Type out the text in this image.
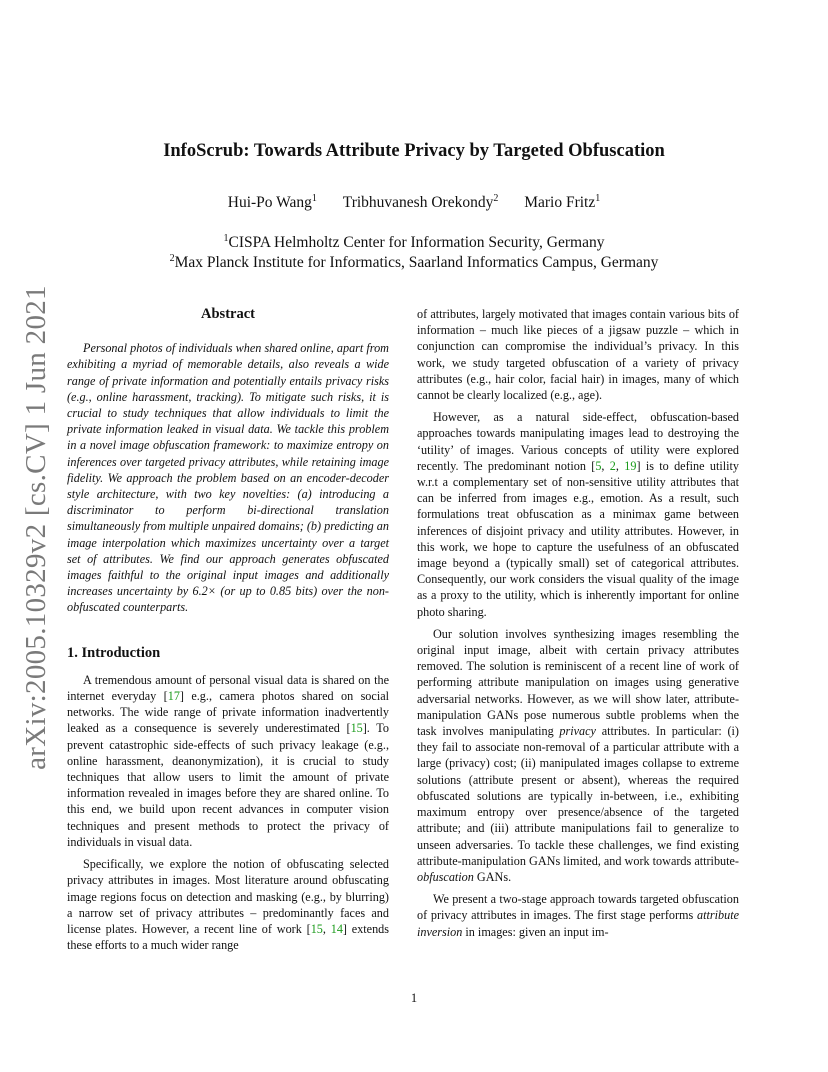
arXiv:2005.10329v2 [cs.CV] 1 Jun 2021
InfoScrub: Towards Attribute Privacy by Targeted Obfuscation
Hui-Po Wang$^1$ Tribhuvanesh Orekondy$^2$ Mario Fritz$^1$
$^1$CISPA Helmholtz Center for Information Security, Germany
$^2$Max Planck Institute for Informatics, Saarland Informatics Campus, Germany
Abstract

Personal photos of individuals when shared online, apart from exhibiting a myriad of memorable details, also reveals a wide range of private information and potentially entails privacy risks (e.g., online harassment, tracking). To mitigate such risks, it is crucial to study techniques that allow individuals to limit the private information leaked in visual data. We tackle this problem in a novel image obfuscation framework: to maximize entropy on inferences over targeted privacy attributes, while retaining image fidelity. We approach the problem based on an encoder-decoder style architecture, with two key novelties: (a) introducing a discriminator to perform bi-directional translation simultaneously from multiple unpaired domains; (b) predicting an image interpolation which maximizes uncertainty over a target set of attributes. We find our approach generates obfuscated images faithful to the original input images and additionally increases uncertainty by 6.2× (or up to 0.85 bits) over the non-obfuscated counterparts.

1. Introduction

A tremendous amount of personal visual data is shared on the internet everyday [17] e.g., camera photos shared on social networks. The wide range of private information inadvertently leaked as a consequence is severely underestimated [15]. To prevent catastrophic side-effects of such privacy leakage (e.g., online harassment, deanonymization), it is crucial to study techniques that allow users to limit the amount of private information revealed in images before they are shared online. To this end, we build upon recent advances in computer vision techniques and present methods to protect the privacy of individuals in visual data.

Specifically, we explore the notion of obfuscating selected privacy attributes in images. Most literature around obfuscating image regions focus on detection and masking (e.g., by blurring) a narrow set of privacy attributes – predominantly faces and license plates. However, a recent line of work [15, 14] extends these efforts to a much wider range

of attributes, largely motivated that images contain various bits of information – much like pieces of a jigsaw puzzle – which in conjunction can compromise the individual’s privacy. In this work, we study targeted obfuscation of a variety of privacy attributes (e.g., hair color, facial hair) in images, many of which cannot be clearly localized (e.g., age).

However, as a natural side-effect, obfuscation-based approaches towards manipulating images lead to destroying the ‘utility’ of images. Various concepts of utility were explored recently. The predominant notion [5, 2, 19] is to define utility w.r.t a complementary set of non-sensitive utility attributes that can be inferred from images e.g., emotion. As a result, such formulations treat obfuscation as a minimax game between inferences of disjoint privacy and utility attributes. However, in this work, we hope to capture the usefulness of an obfuscated image beyond a (typically small) set of categorical attributes. Consequently, our work considers the visual quality of the image as a proxy to the utility, which is inherently important for online photo sharing.

Our solution involves synthesizing images resembling the original input image, albeit with certain privacy attributes removed. The solution is reminiscent of a recent line of work of performing attribute manipulation on images using generative adversarial networks. However, as we will show later, attribute-manipulation GANs pose numerous subtle problems when the task involves manipulating privacy attributes. In particular: (i) they fail to associate non-removal of a particular attribute with a large (privacy) cost; (ii) manipulated images collapse to extreme solutions (attribute present or absent), whereas the required obfuscated solutions are typically in-between, i.e., exhibiting maximum entropy over presence/absence of the targeted attribute; and (iii) attribute manipulations fail to generalize to unseen adversaries. To tackle these challenges, we find existing attribute-manipulation GANs limited, and work towards attribute-obfuscation GANs.

We present a two-stage approach towards targeted obfuscation of privacy attributes in images. The first stage performs attribute inversion in images: given an input im-

1
